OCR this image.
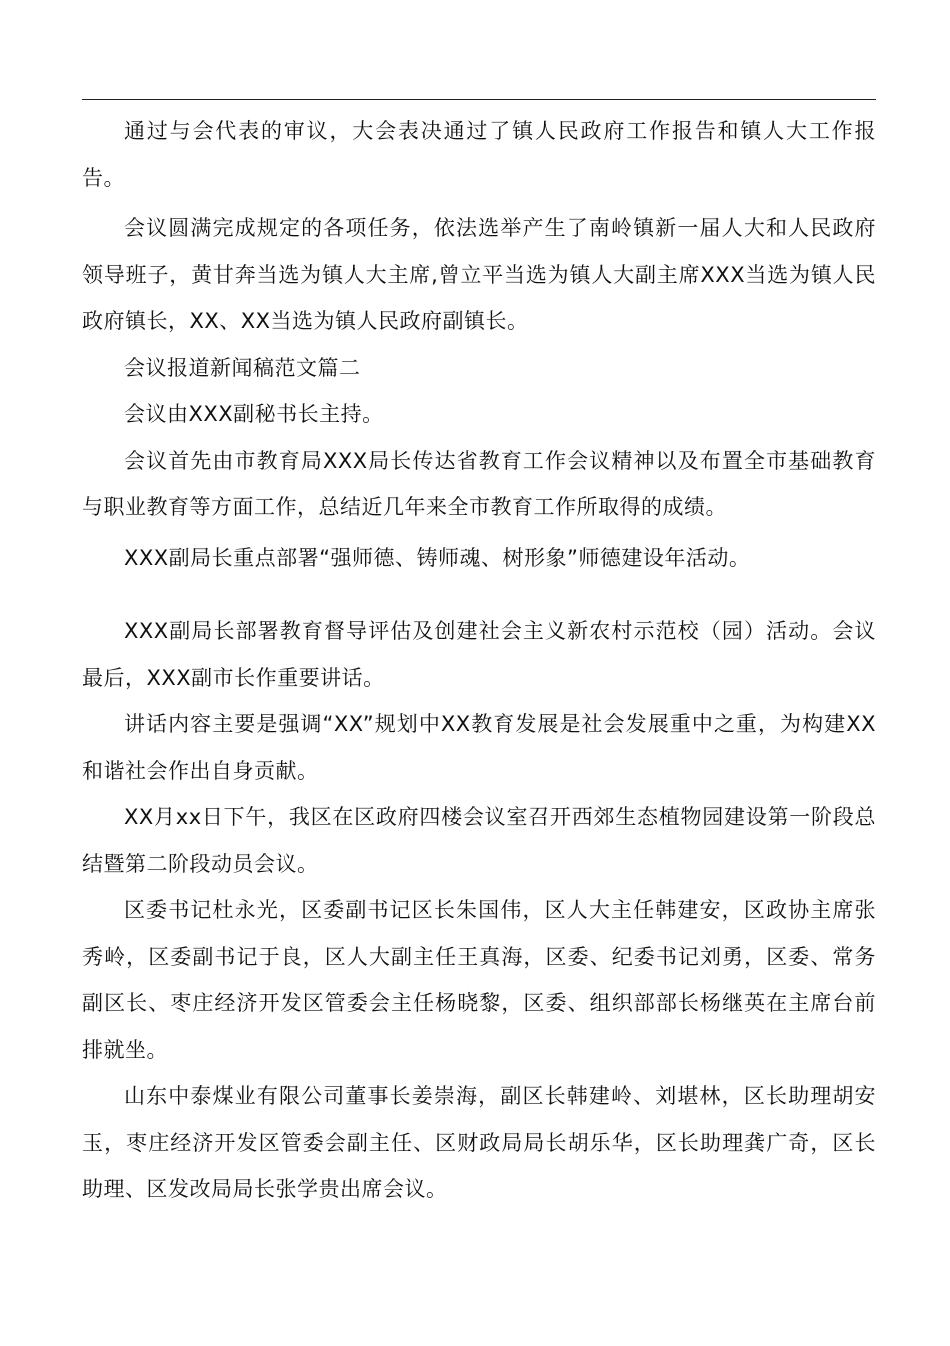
通过与会代表的审议，大会表决通过了镇人民政府工作报告和镇人大工作报告。

会议圆满完成规定的各项任务，依法选举产生了南岭镇新一届人大和人民政府领导班子，黄甘奔当选为镇人大主席,曾立平当选为镇人大副主席XXX当选为镇人民政府镇长，XX、XX当选为镇人民政府副镇长。

会议报道新闻稿范文篇二

会议由XXX副秘书长主持。

会议首先由市教育局XXX局长传达省教育工作会议精神以及布置全市基础教育与职业教育等方面工作，总结近几年来全市教育工作所取得的成绩。

XXX副局长重点部署“强师德、铸师魂、树形象”师德建设年活动。

XXX副局长部署教育督导评估及创建社会主义新农村示范校（园）活动。会议最后，XXX副市长作重要讲话。

讲话内容主要是强调“XX”规划中XX教育发展是社会发展重中之重，为构建XX和谐社会作出自身贡献。

XX月xx日下午，我区在区政府四楼会议室召开西郊生态植物园建设第一阶段总结暨第二阶段动员会议。

区委书记杜永光，区委副书记区长朱国伟，区人大主任韩建安，区政协主席张秀岭，区委副书记于良，区人大副主任王真海，区委、纪委书记刘勇，区委、常务副区长、枣庄经济开发区管委会主任杨晓黎，区委、组织部部长杨继英在主席台前排就坐。

山东中泰煤业有限公司董事长姜崇海，副区长韩建岭、刘堪林，区长助理胡安玉，枣庄经济开发区管委会副主任、区财政局局长胡乐华，区长助理龚广奇，区长助理、区发改局局长张学贵出席会议。
